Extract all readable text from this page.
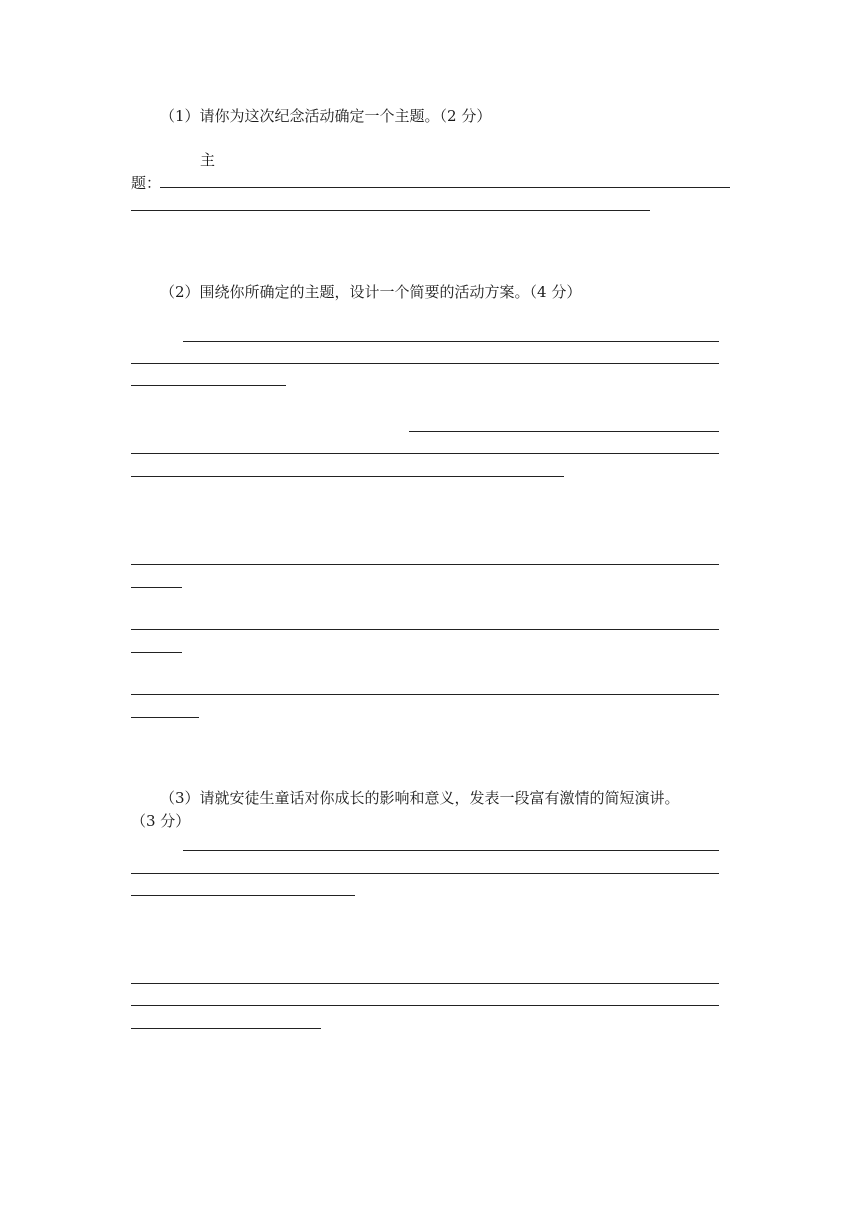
（1）请你为这次纪念活动确定一个主题。（2 分）
主
题：
（2）围绕你所确定的主题，设计一个简要的活动方案。（4 分）
（3）请就安徒生童话对你成长的影响和意义，发表一段富有激情的简短演讲。
（3 分）
